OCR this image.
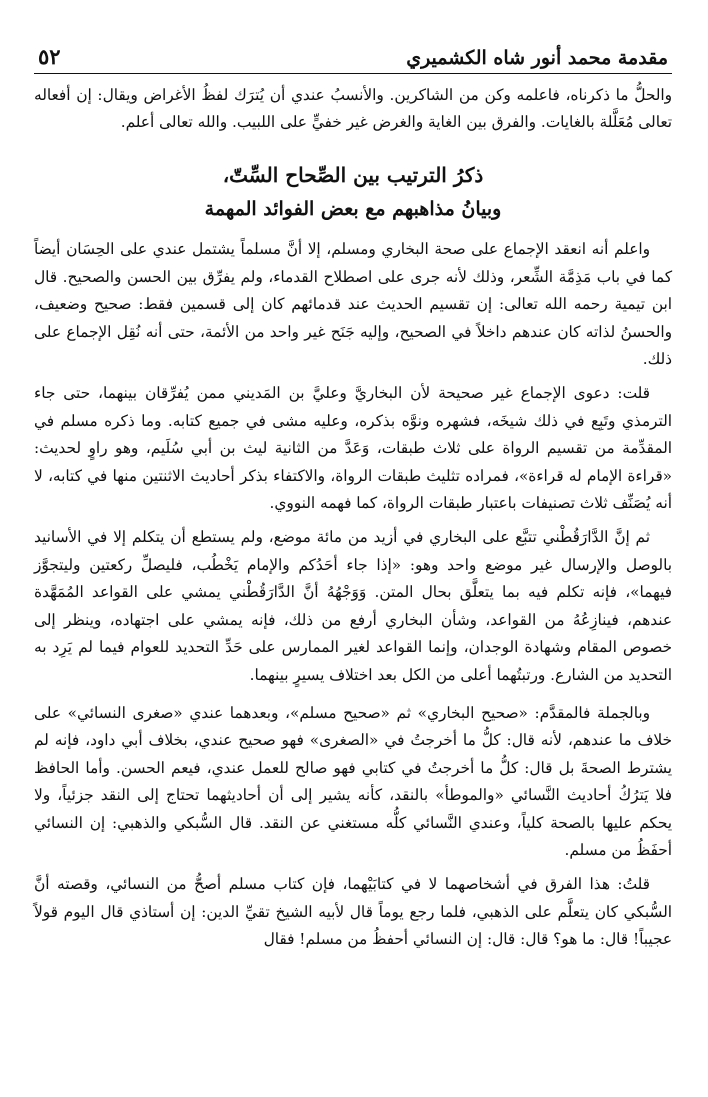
مقدمة محمد أنور شاه الكشميري
٥٢

والحلُّ ما ذكرناه، فاعلمه وكن من الشاكرين. والأنسبُ عندي أن يُترَك لفظُ الأغراض ويقال: إن أفعاله تعالى مُعَلَّلة بالغايات. والفرق بين الغاية والغرض غير خفيٍّ على اللبيب. والله تعالى أعلم.

ذكرُ الترتيب بين الصِّحاح السِّتّ،
وبيانُ مذاهبهم مع بعض الفوائد المهمة

واعلم أنه انعقد الإجماع على صحة البخاري ومسلم، إلا أنَّ مسلماً يشتمل عندي على الحِسَان أيضاً كما في باب مَذِمَّة الشِّعر، وذلك لأنه جرى على اصطلاح القدماء، ولم يفرِّق بين الحسن والصحيح. قال ابن تيمية رحمه الله تعالى: إن تقسيم الحديث عند قدمائهم كان إلى قسمين فقط: صحيح وضعيف، والحسنُ لذاته كان عندهم داخلاً في الصحيح، وإليه جَنَح غير واحد من الأئمة، حتى أنه نُقِل الإجماع على ذلك.

قلت: دعوى الإجماع غير صحيحة لأن البخاريَّ وعليَّ بن المَديني ممن يُفرِّقان بينهما، حتى جاء الترمذي وتَبِع في ذلك شيخَه، فشهره ونوَّه بذكره، وعليه مشى في جميع كتابه. وما ذكره مسلم في المقدِّمة من تقسيم الرواة على ثلاث طبقات، وَعَدَّ من الثانية ليث بن أبي سُلَيم، وهو راوٍ لحديث: «قراءة الإمام له قراءة»، فمراده تثليث طبقات الرواة، والاكتفاء بذكر أحاديث الاثنتين منها في كتابه، لا أنه يُصَنِّف ثلاث تصنيفات باعتبار طبقات الرواة، كما فهمه النووي.

ثم إنَّ الدَّارَقُطْني تتبَّع على البخاري في أزيد من مائة موضع، ولم يستطع أن يتكلم إلا في الأسانيد بالوصل والإرسال غير موضع واحد وهو: «إذا جاء أحَدُكم والإمام يَخْطُب، فليصلِّ ركعتين وليتجوَّز فيهما»، فإنه تكلم فيه بما يتعلَّق بحال المتن. وَوَجْهُهُ أنَّ الدَّارَقُطْني يمشي على القواعد المُمَهَّدة عندهم، فينازِعُهُ من القواعد، وشأن البخاري أرفع من ذلك، فإنه يمشي على اجتهاده، وينظر إلى خصوص المقام وشهادة الوجدان، وإنما القواعد لغير الممارس على حَدِّ التحديد للعوام فيما لم يَرِد به التحديد من الشارع. ورتبتُهما أعلى من الكل بعد اختلاف يسيرٍ بينهما.

وبالجملة فالمقدَّم: «صحيح البخاري» ثم «صحيح مسلم»، وبعدهما عندي «صغرى النسائي» على خلاف ما عندهم، لأنه قال: كلُّ ما أخرجتُ في «الصغرى» فهو صحيح عندي، بخلاف أبي داود، فإنه لم يشترط الصحةَ بل قال: كلُّ ما أخرجتُ في كتابي فهو صالح للعمل عندي، فيعم الحسن. وأما الحافظ فلا يَترُكُ أحاديث النَّسائي «والموطأ» بالنقد، كأنه يشير إلى أن أحاديثهما تحتاج إلى النقد جزئياً، ولا يحكم عليها بالصحة كلياً، وعندي النَّسائي كلُّه مستغني عن النقد. قال السُّبكي والذهبي: إن النسائي أحفَظُ من مسلم.

قلتُ: هذا الفرق في أشخاصهما لا في كتابَيْهما، فإن كتاب مسلم أصحُّ من النسائي، وقصته أنَّ السُّبكي كان يتعلَّم على الذهبي، فلما رجع يوماً قال لأبيه الشيخ تقيِّ الدين: إن أستاذي قال اليوم قولاً عجيباً! قال: ما هو؟ قال: قال: إن النسائي أحفظُ من مسلم! فقال
